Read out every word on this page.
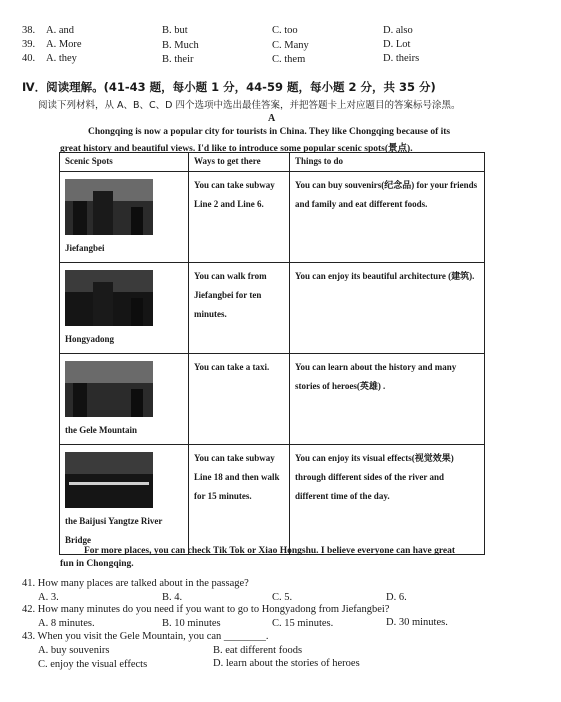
38. A. and	B. but	C. too	D. also
39. A. More	B. Much	C. Many	D. Lot
40. A. they	B. their	C. them	D. theirs
Ⅳ．阅读理解。(41-43 题，每小题 1 分，44-59 题，每小题 2 分，共 35 分)
阅读下列材料，从 A、B、C、D 四个选项中选出最佳答案，并把答题卡上对应题目的答案标号涂黑。
A
Chongqing is now a popular city for tourists in China. They like Chongqing because of its
great history and beautiful views. I'd like to introduce some popular scenic spots(景点).
Scenic Spots	Ways to get there	Things to do

Jiefangbei	You can take subway Line 2 and Line 6.	You can buy souvenirs(纪念品) for your friends and family and eat different foods.

Hongyadong	You can walk from Jiefangbei for ten minutes.	You can enjoy its beautiful architecture (建筑).

the Gele Mountain	You can take a taxi.	You can learn about the history and many stories of heroes(英雄) .

the Baijusi Yangtze River Bridge	You can take subway Line 18 and then walk for 15 minutes.	You can enjoy its visual effects(视觉效果) through different sides of the river and different time of the day.
For more places, you can check Tik Tok or Xiao Hongshu. I believe everyone can have great
fun in Chongqing.
41. How many places are talked about in the passage?
A. 3.	B. 4.	C. 5.	D. 6.
42. How many minutes do you need if you want to go to Hongyadong from Jiefangbei?
A. 8 minutes.	B. 10 minutes	C. 15 minutes.	D. 30 minutes.
43. When you visit the Gele Mountain, you can ________.
A. buy souvenirs	B. eat different foods
C. enjoy the visual effects	D. learn about the stories of heroes
